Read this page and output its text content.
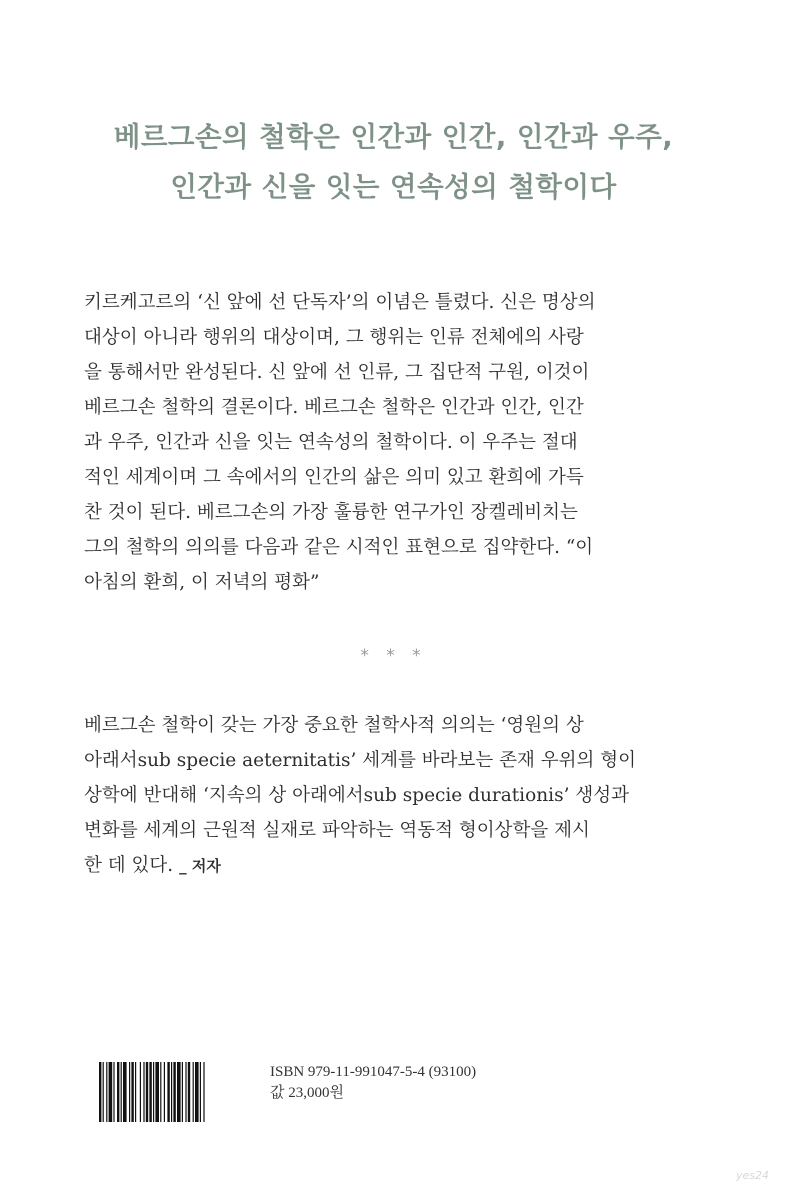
베르그손의 철학은 인간과 인간, 인간과 우주,
인간과 신을 잇는 연속성의 철학이다
키르케고르의 ‘신 앞에 선 단독자’의 이념은 틀렸다. 신은 명상의
대상이 아니라 행위의 대상이며, 그 행위는 인류 전체에의 사랑
을 통해서만 완성된다. 신 앞에 선 인류, 그 집단적 구원, 이것이
베르그손 철학의 결론이다. 베르그손 철학은 인간과 인간, 인간
과 우주, 인간과 신을 잇는 연속성의 철학이다. 이 우주는 절대
적인 세계이며 그 속에서의 인간의 삶은 의미 있고 환희에 가득
찬 것이 된다. 베르그손의 가장 훌륭한 연구가인 장켈레비치는
그의 철학의 의의를 다음과 같은 시적인 표현으로 집약한다. “이
아침의 환희, 이 저녁의 평화”
* * *
베르그손 철학이 갖는 가장 중요한 철학사적 의의는 ‘영원의 상
아래서sub specie aeternitatis’ 세계를 바라보는 존재 우위의 형이
상학에 반대해 ‘지속의 상 아래에서sub specie durationis’ 생성과
변화를 세계의 근원적 실재로 파악하는 역동적 형이상학을 제시
한 데 있다. _ 저자
ISBN 979-11-991047-5-4 (93100)
값 23,000원
yes24
